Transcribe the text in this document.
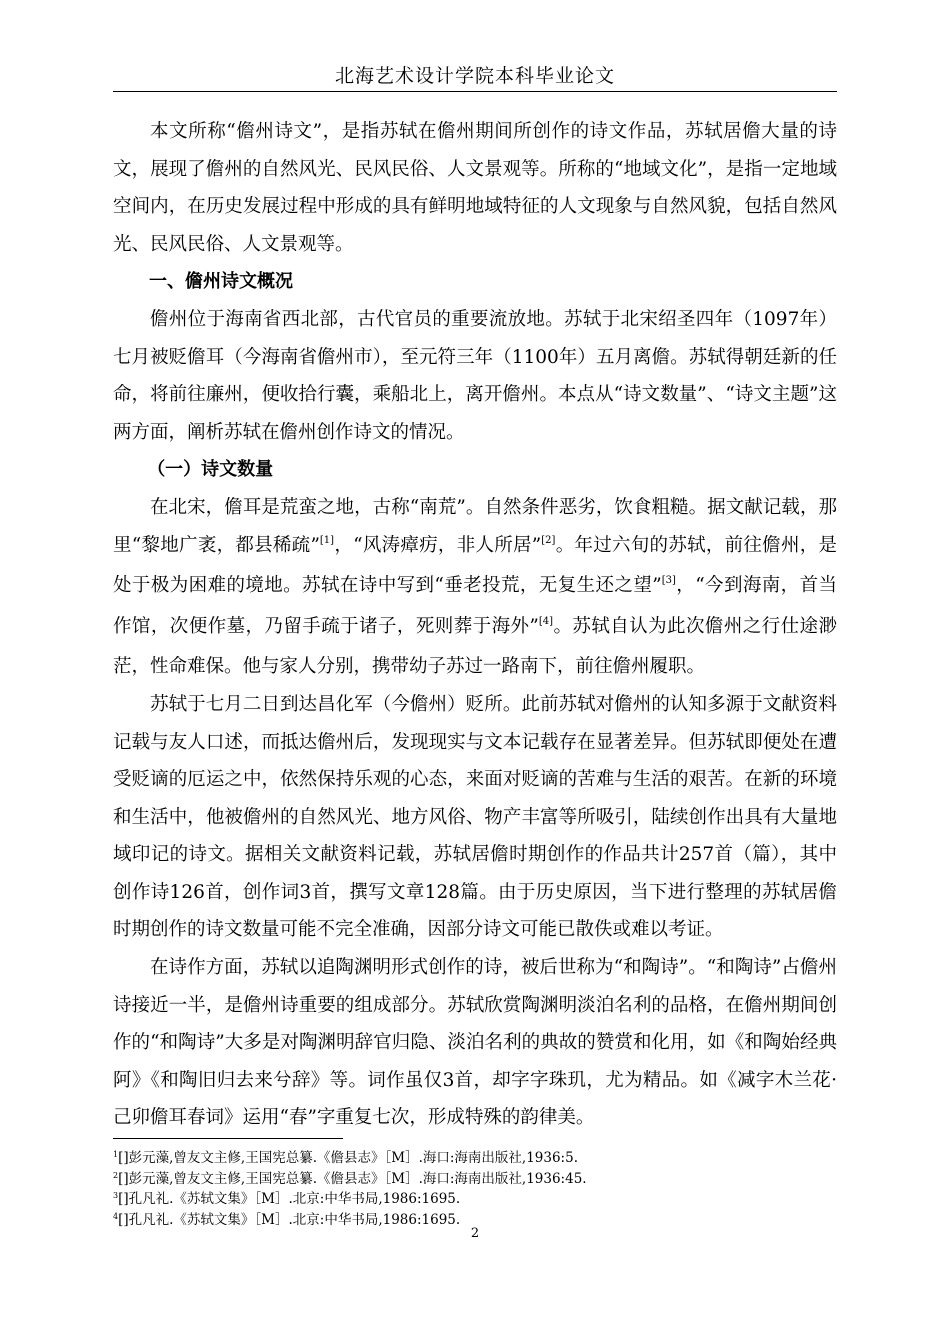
北海艺术设计学院本科毕业论文

本文所称“儋州诗文”，是指苏轼在儋州期间所创作的诗文作品，苏轼居儋大量的诗文，展现了儋州的自然风光、民风民俗、人文景观等。所称的“地域文化”，是指一定地域空间内，在历史发展过程中形成的具有鲜明地域特征的人文现象与自然风貌，包括自然风光、民风民俗、人文景观等。

一、儋州诗文概况

儋州位于海南省西北部，古代官员的重要流放地。苏轼于北宋绍圣四年（1097年）七月被贬儋耳（今海南省儋州市），至元符三年（1100年）五月离儋。苏轼得朝廷新的任命，将前往廉州，便收拾行囊，乘船北上，离开儋州。本点从“诗文数量”、“诗文主题”这两方面，阐析苏轼在儋州创作诗文的情况。

（一）诗文数量

在北宋，儋耳是荒蛮之地，古称“南荒”。自然条件恶劣，饮食粗糙。据文献记载，那里“黎地广袤，都县稀疏”[1]，“风涛瘴疠，非人所居”[2]。年过六旬的苏轼，前往儋州，是处于极为困难的境地。苏轼在诗中写到“垂老投荒，无复生还之望”[3]，“今到海南，首当作馆，次便作墓，乃留手疏于诸子，死则葬于海外”[4]。苏轼自认为此次儋州之行仕途渺茫，性命难保。他与家人分别，携带幼子苏过一路南下，前往儋州履职。

苏轼于七月二日到达昌化军（今儋州）贬所。此前苏轼对儋州的认知多源于文献资料记载与友人口述，而抵达儋州后，发现现实与文本记载存在显著差异。但苏轼即便处在遭受贬谪的厄运之中，依然保持乐观的心态，来面对贬谪的苦难与生活的艰苦。在新的环境和生活中，他被儋州的自然风光、地方风俗、物产丰富等所吸引，陆续创作出具有大量地域印记的诗文。据相关文献资料记载，苏轼居儋时期创作的作品共计257首（篇），其中创作诗126首，创作词3首，撰写文章128篇。由于历史原因，当下进行整理的苏轼居儋时期创作的诗文数量可能不完全准确，因部分诗文可能已散佚或难以考证。

在诗作方面，苏轼以追陶渊明形式创作的诗，被后世称为“和陶诗”。“和陶诗”占儋州诗接近一半，是儋州诗重要的组成部分。苏轼欣赏陶渊明淡泊名利的品格，在儋州期间创作的“和陶诗”大多是对陶渊明辞官归隐、淡泊名利的典故的赞赏和化用，如《和陶始经典阿》《和陶旧归去来兮辞》等。词作虽仅3首，却字字珠玑，尤为精品。如《减字木兰花·己卯儋耳春词》运用“春”字重复七次，形成特殊的韵律美。

$^1$[]彭元藻,曾友文主修,王国宪总纂.《儋县志》［M］.海口:海南出版社,1936:5.
$^2$[]彭元藻,曾友文主修,王国宪总纂.《儋县志》［M］.海口:海南出版社,1936:45.
$^3$[]孔凡礼.《苏轼文集》［M］.北京:中华书局,1986:1695.
$^4$[]孔凡礼.《苏轼文集》［M］.北京:中华书局,1986:1695.
2
